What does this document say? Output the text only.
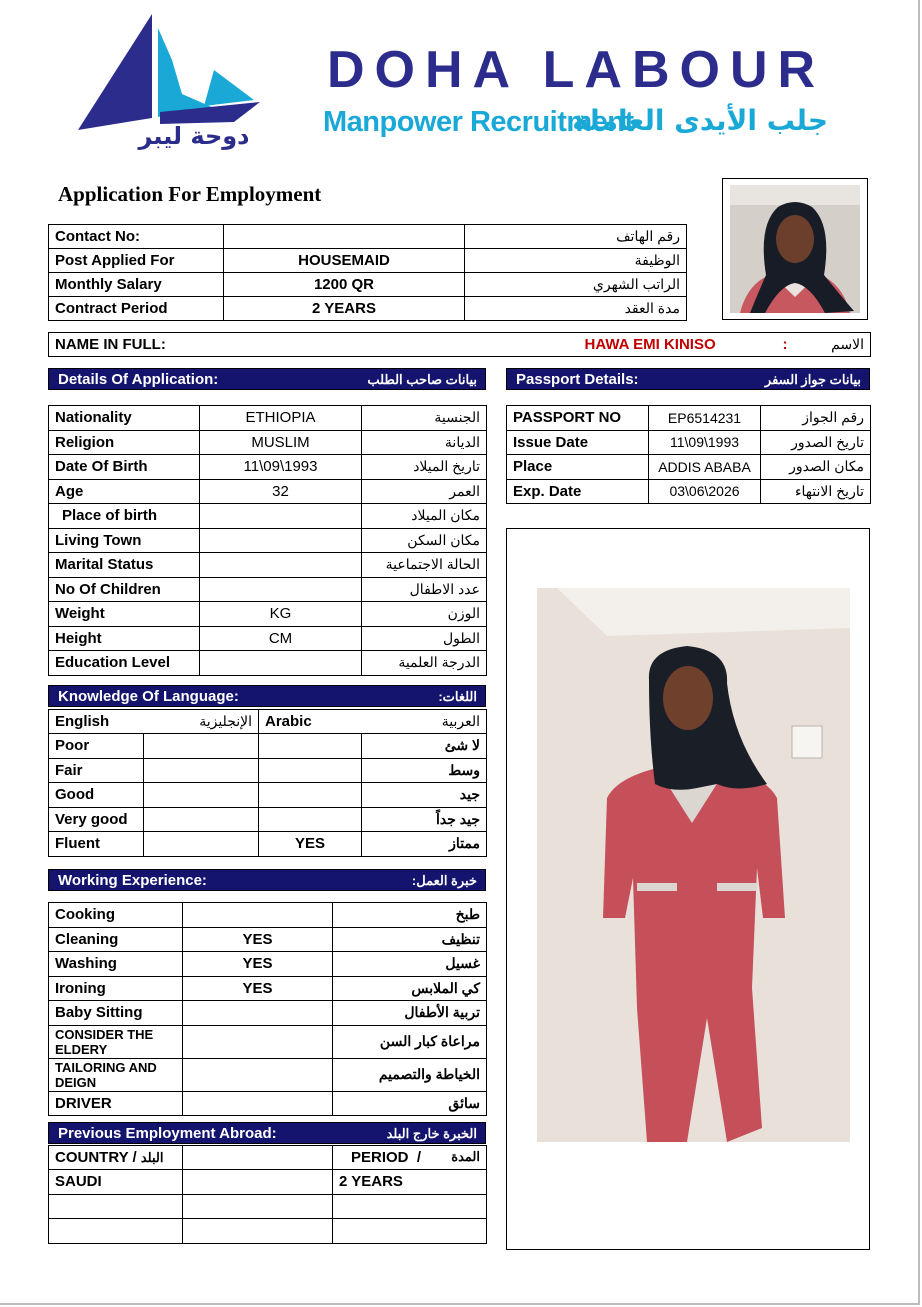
دوحة ليبر
DOHA LABOUR
Manpower Recruitment
جلب الأيدى العاملة
Application For Employment
Contact No:		رقم الهاتف
Post Applied For	HOUSEMAID	الوظيفة
Monthly Salary	1200 QR	الراتب الشهري
Contract Period	2 YEARS	مدة العقد
NAME IN FULL:	HAWA EMI KINISO	:	الاسم
Details Of Application:	بيانات صاحب الطلب	Passport Details:	بيانات جواز السفر
Nationality	ETHIOPIA	الجنسية
Religion	MUSLIM	الديانة
Date Of Birth	11\09\1993	تاريخ الميلاد
Age	32	العمر
Place of birth		مكان الميلاد
Living Town		مكان السكن
Marital Status		الحالة الاجتماعية
No Of Children		عدد الاطفال
Weight	KG	الوزن
Height	CM	الطول
Education Level		الدرجة العلمية
PASSPORT NO	EP6514231	رقم الجواز
Issue Date	11\09\1993	تاريخ الصدور
Place	ADDIS ABABA	مكان الصدور
Exp. Date	03\06\2026	تاريخ الانتهاء
Knowledge Of Language:	اللغات:
English الإنجليزية		Arabic العربية	

Poor			لا شئ
Fair			وسط
Good			جيد
Very good			جيد جداً
Fluent		YES	ممتاز
Working Experience:	خبرة العمل:
Cooking		طبخ
Cleaning	YES	تنظيف
Washing	YES	غسيل
Ironing	YES	كي الملابس
Baby Sitting		تربية الأطفال
CONSIDER THE ELDERY		مراعاة كبار السن
TAILORING AND DEIGN		الخياطة والتصميم
DRIVER		سائق
Previous Employment Abroad:	الخبرة خارج البلد
COUNTRY / البلد		PERIOD  / المدة

SAUDI		2 YEARS
